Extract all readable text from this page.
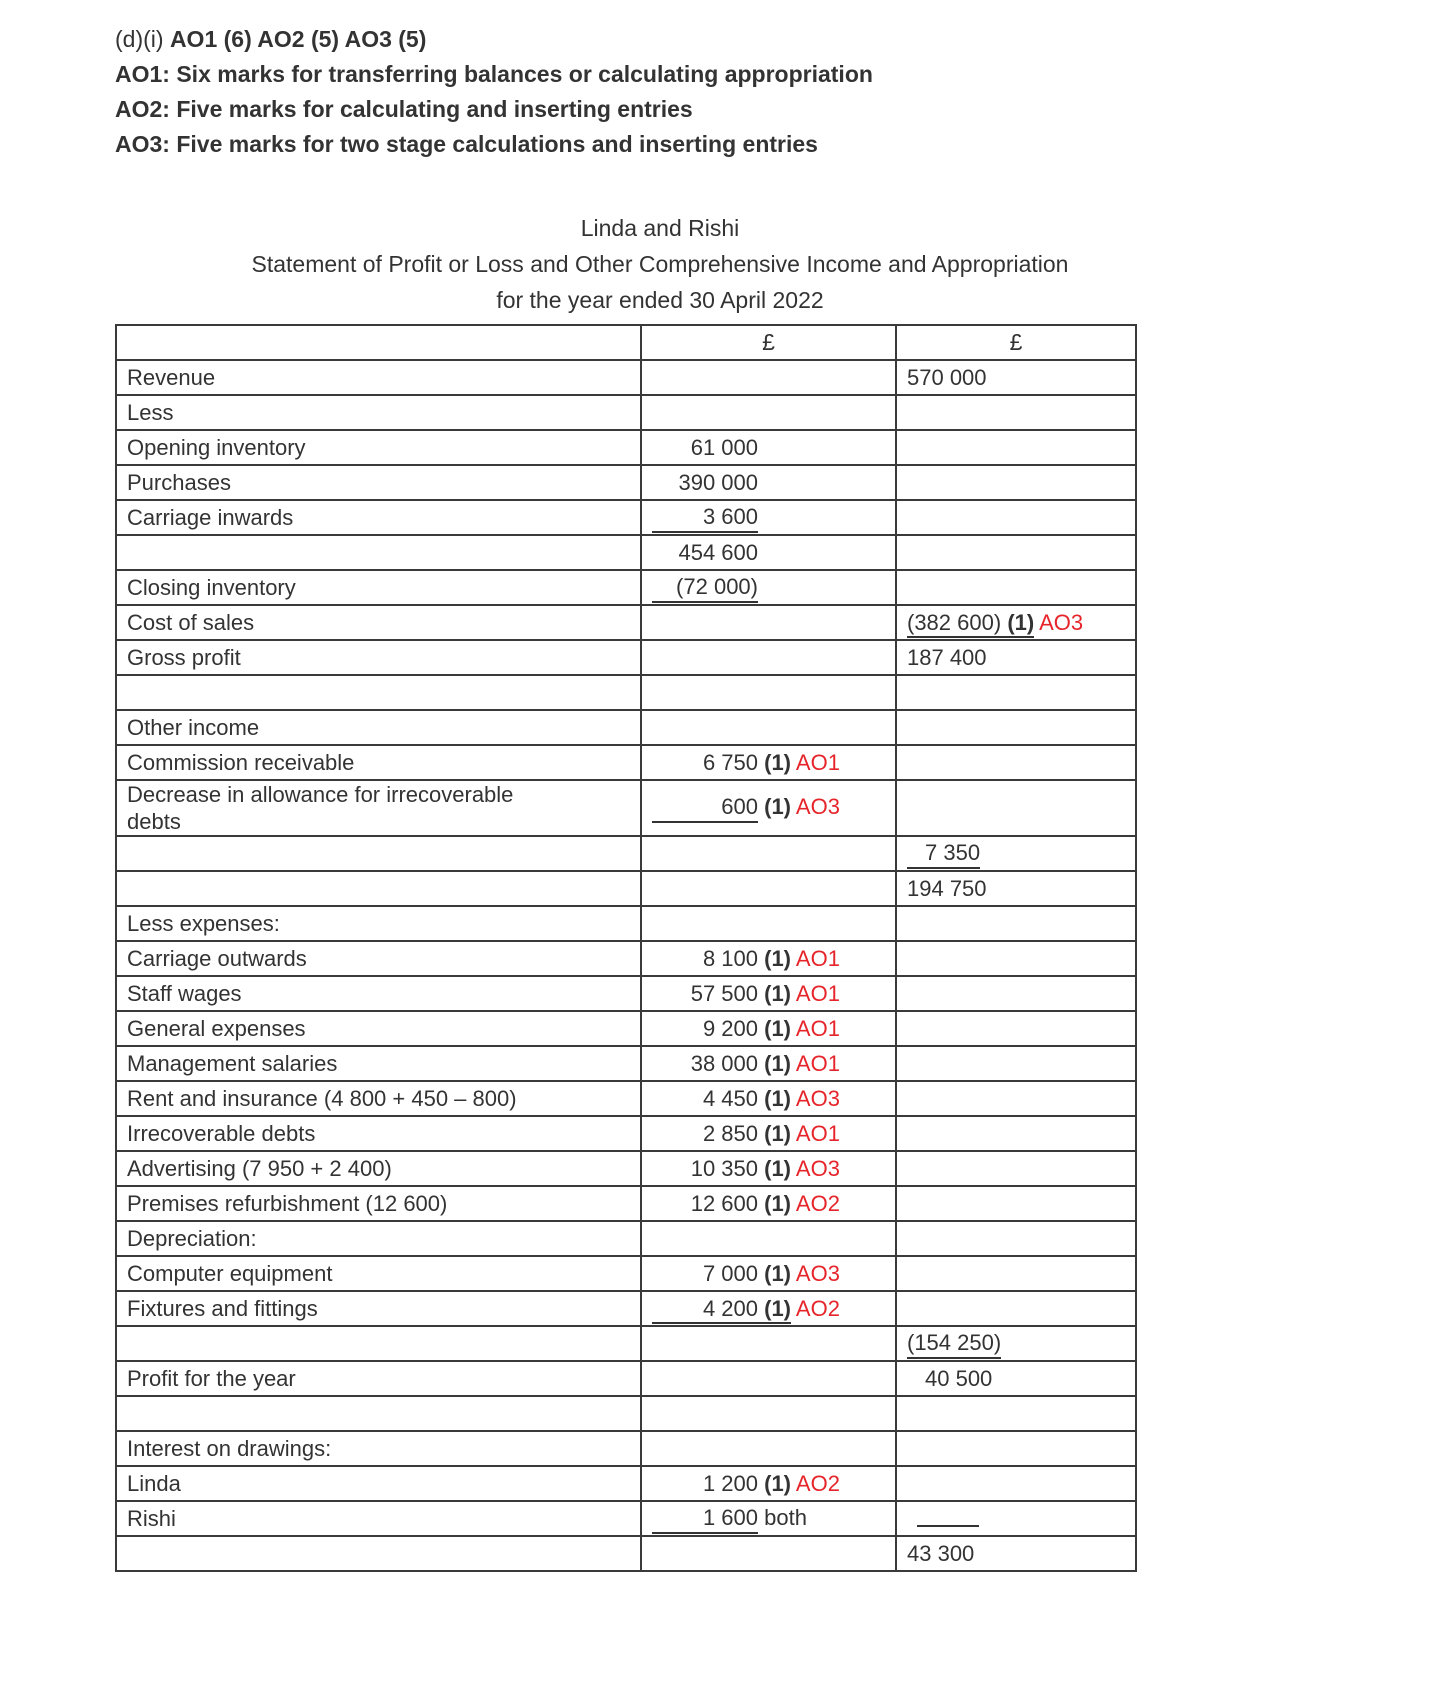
(d)(i) AO1 (6) AO2 (5) AO3 (5)
AO1: Six marks for transferring balances or calculating appropriation
AO2: Five marks for calculating and inserting entries
AO3: Five marks for two stage calculations and inserting entries
Linda and Rishi
Statement of Profit or Loss and Other Comprehensive Income and Appropriation
for the year ended 30 April 2022
	£	£
Revenue		570 000
Less		
Opening inventory	61 000	
Purchases	390 000	
Carriage inwards	3 600	
	454 600	
Closing inventory	(72 000)	
Cost of sales		(382 600) (1) AO3
Gross profit		187 400

Other income		
Commission receivable	6 750 (1) AO1	
Decrease in allowance for irrecoverable debts	600 (1) AO3	
		7 350
		194 750
Less expenses:		
Carriage outwards	8 100 (1) AO1	
Staff wages	57 500 (1) AO1	
General expenses	9 200 (1) AO1	
Management salaries	38 000 (1) AO1	
Rent and insurance (4 800 + 450 – 800)	4 450 (1) AO3	
Irrecoverable debts	2 850 (1) AO1	
Advertising (7 950 + 2 400)	10 350 (1) AO3	
Premises refurbishment (12 600)	12 600 (1) AO2	
Depreciation:		
Computer equipment	7 000 (1) AO3	
Fixtures and fittings	4 200 (1) AO2	
		(154 250)
Profit for the year		40 500

Interest on drawings:		
Linda	1 200 (1) AO2	
Rishi	1 600 both	
		43 300
